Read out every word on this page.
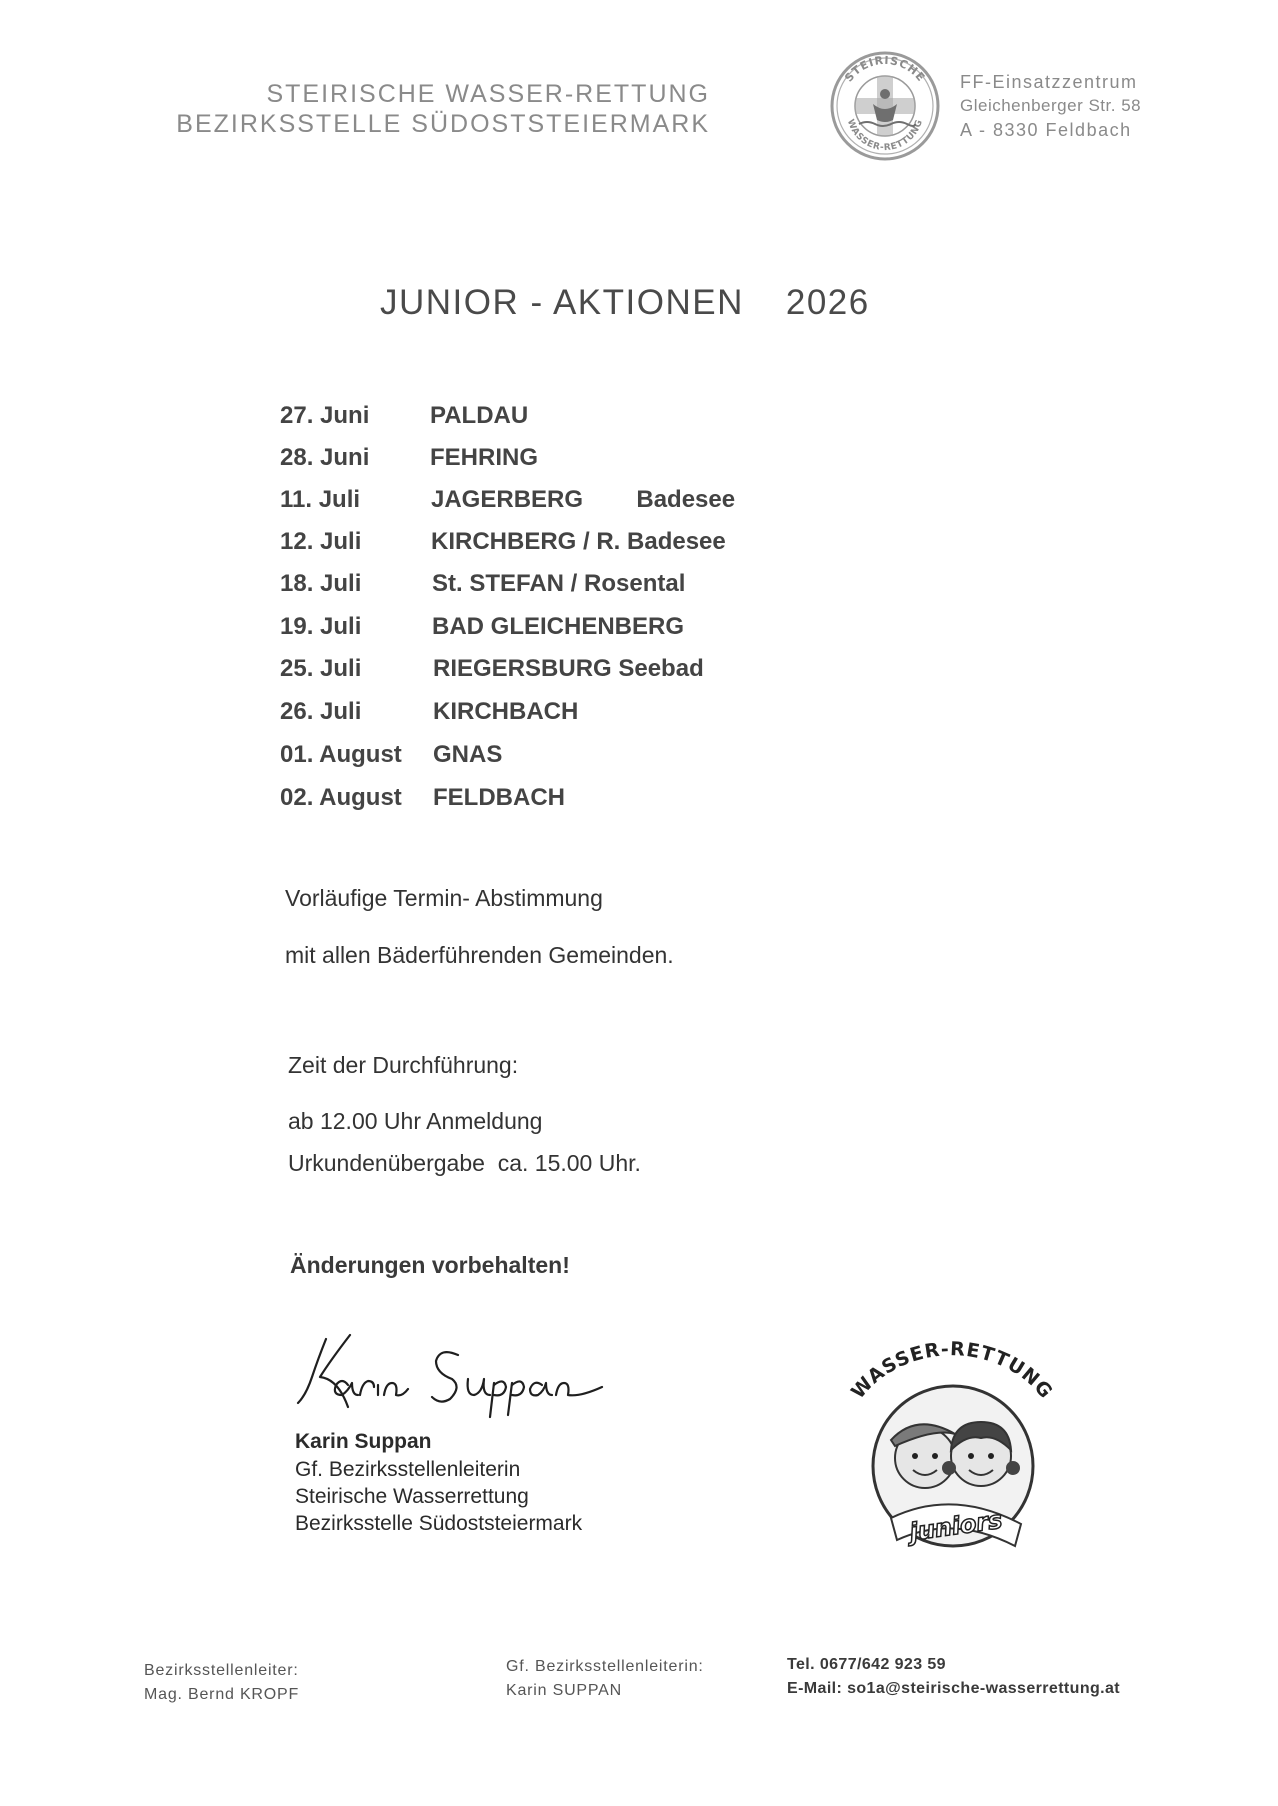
STEIRISCHE WASSER-RETTUNG
BEZIRKSSTELLE SÜDOSTSTEIERMARK
STEIRISCHE
WASSER-RETTUNG
FF-Einsatzzentrum
Gleichenberger Str. 58
A - 8330 Feldbach
JUNIOR - AKTIONEN 2026
27. Juni	PALDAU
28. Juni	FEHRING
11. Juli	JAGERBERG        Badesee
12. Juli	KIRCHBERG / R. Badesee
18. Juli	St. STEFAN / Rosental
19. Juli	BAD GLEICHENBERG
25. Juli	RIEGERSBURG Seebad
26. Juli	KIRCHBACH
01. August GNAS
02. August FELDBACH
Vorläufige Termin- Abstimmung
mit allen Bäderführenden Gemeinden.
Zeit der Durchführung:
ab 12.00 Uhr Anmeldung
Urkundenübergabe  ca. 15.00 Uhr.
Änderungen vorbehalten!
Karin Suppan
Gf. Bezirksstellenleiterin
Steirische Wasserrettung
Bezirksstelle Südoststeiermark
WASSER-RETTUNG
juniors
Bezirksstellenleiter:
Mag. Bernd KROPF
Gf. Bezirksstellenleiterin:
Karin SUPPAN
Tel. 0677/642 923 59
E-Mail: so1a@steirische-wasserrettung.at
